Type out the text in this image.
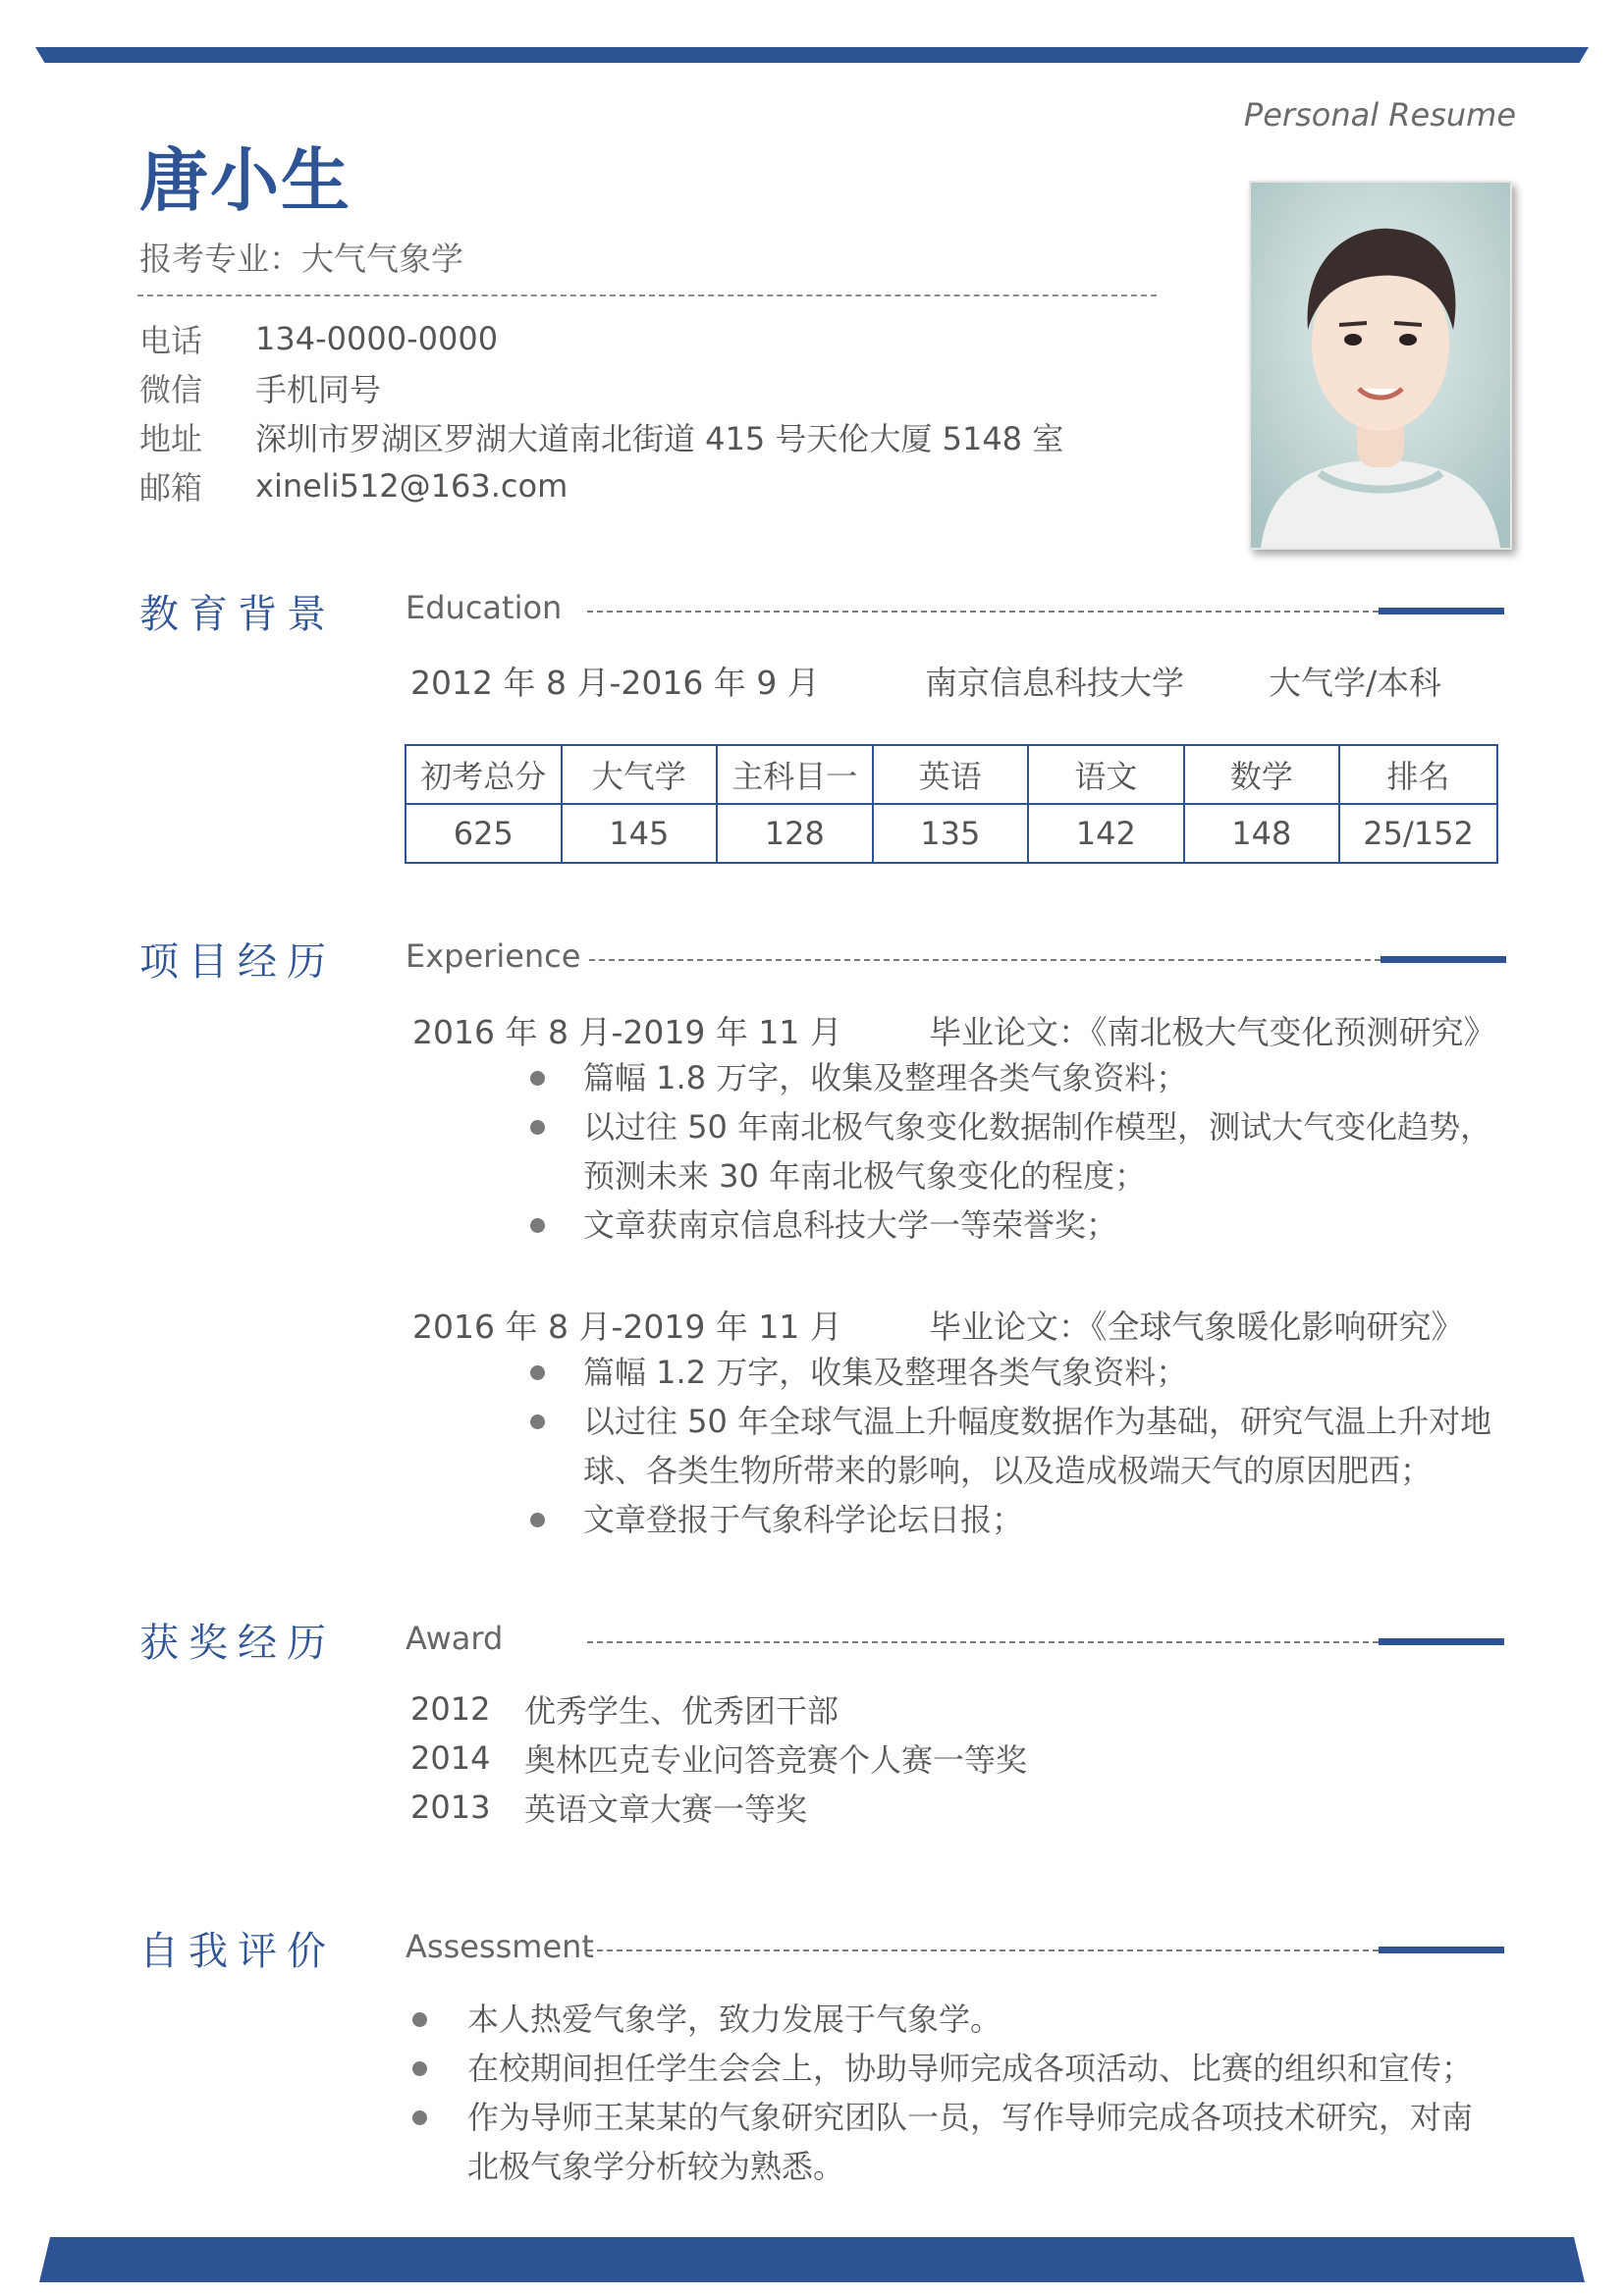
Personal Resume
唐小生
报考专业：大气气象学
电话	134-0000-0000
微信	手机同号
地址	深圳市罗湖区罗湖大道南北街道 415 号天伦大厦 5148 室
邮箱	xineli512@163.com
教育背景 Education
2012 年 8 月-2016 年 9 月	南京信息科技大学	大气学/本科
初考总分	大气学	主科目一	英语	语文	数学	排名
625	145	128	135	142	148	25/152
项目经历 Experience
2016 年 8 月-2019 年 11 月	毕业论文：《南北极大气变化预测研究》
篇幅 1.8 万字，收集及整理各类气象资料；
以过往 50 年南北极气象变化数据制作模型，测试大气变化趋势，预测未来 30 年南北极气象变化的程度；
文章获南京信息科技大学一等荣誉奖；
2016 年 8 月-2019 年 11 月	毕业论文：《全球气象暖化影响研究》
篇幅 1.2 万字，收集及整理各类气象资料；
以过往 50 年全球气温上升幅度数据作为基础，研究气温上升对地球、各类生物所带来的影响，以及造成极端天气的原因肥西；
文章登报于气象科学论坛日报；
获奖经历 Award
2012	优秀学生、优秀团干部
2014	奥林匹克专业问答竞赛个人赛一等奖
2013	英语文章大赛一等奖
自我评价 Assessment
本人热爱气象学，致力发展于气象学。
在校期间担任学生会会上，协助导师完成各项活动、比赛的组织和宣传；
作为导师王某某的气象研究团队一员，写作导师完成各项技术研究，对南北极气象学分析较为熟悉。
